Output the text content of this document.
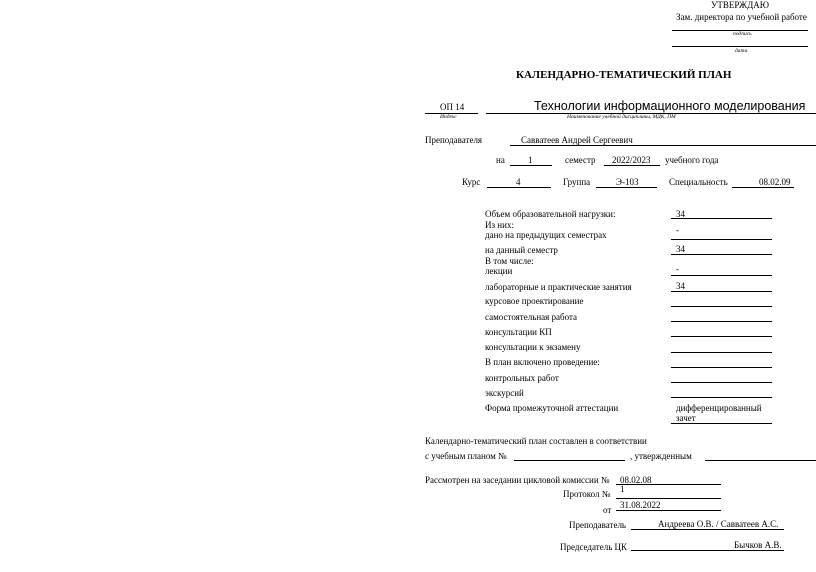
УТВЕРЖДАЮ
Зам. директора по учебной работе
подпись
дата
КАЛЕНДАРНО-ТЕМАТИЧЕСКИЙ ПЛАН
ОП 14
Индекс
Технологии информационного моделирования
Наименование учебной дисциплины, МДК, ПМ
Преподавателя	Савватеев Андрей Сергеевич
на	1	семестр 2022/2023 учебного года
Курс	4	Группа	Э-103	Специальность	08.02.09
Объем образовательной нагрузки:	34
Из них:
дано на предыдущих семестрах	-
на данный семестр	34
В том числе:
лекции	-
лабораторные и практические занятия	34
курсовое проектирование
самостоятельная работа
консультации КП
консультации к экзамену
В план включено проведение:
контрольных работ
экскурсий
Форма промежуточной аттестации	дифференцированный зачет
Календарно-тематический план составлен в соответствии
с учебным планом №	, утвержденным
Рассмотрен на заседании цикловой комиссии № 08.02.08
Протокол № 1
от 31.08.2022
Преподаватель	Андреева О.В. / Савватеев А.С.
Председатель ЦК	Бычков А.В.
